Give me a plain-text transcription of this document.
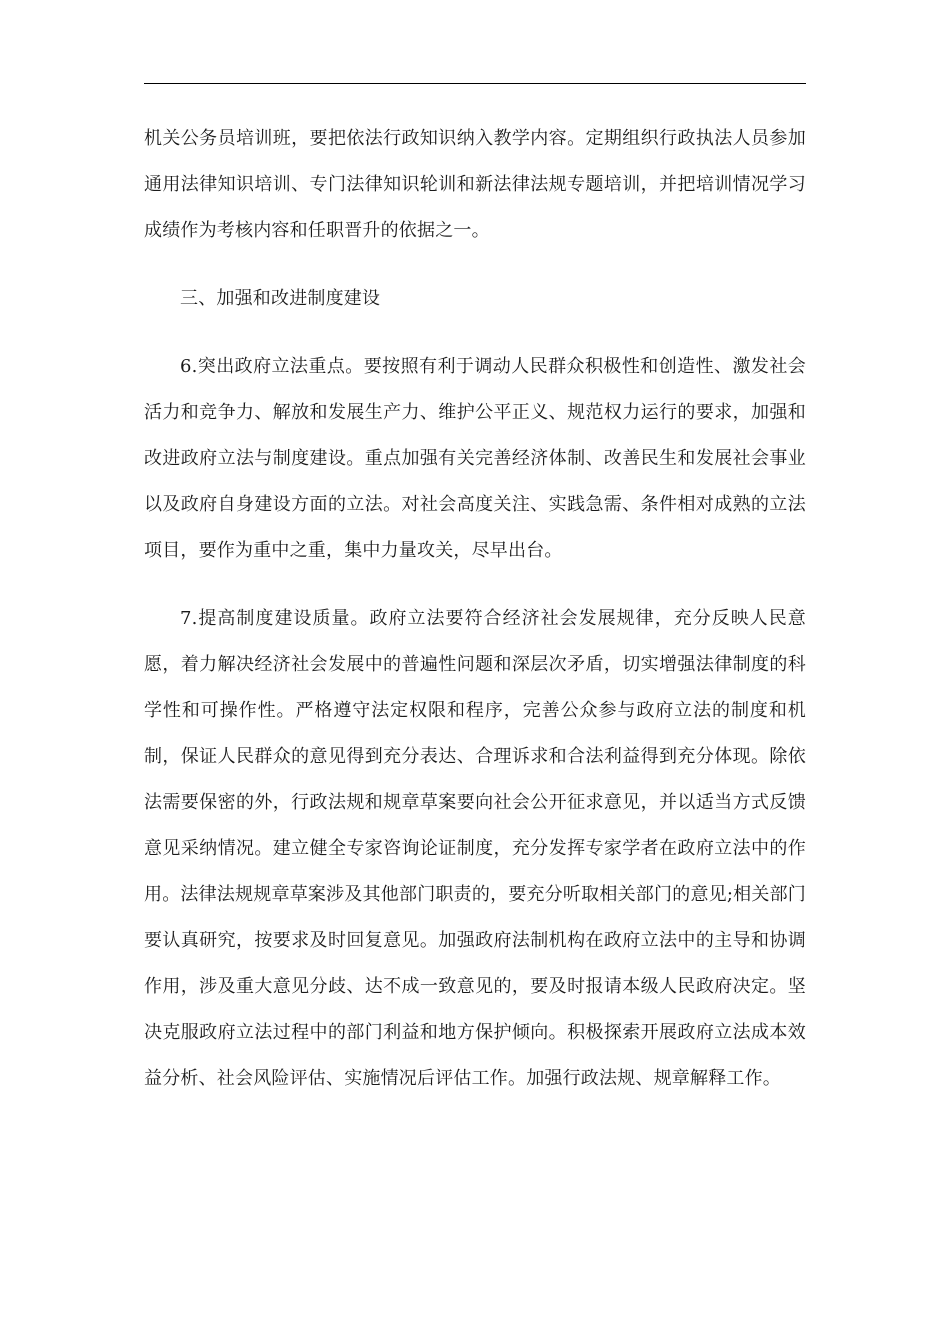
机关公务员培训班，要把依法行政知识纳入教学内容。定期组织行政执法人员参加通用法律知识培训、专门法律知识轮训和新法律法规专题培训，并把培训情况学习成绩作为考核内容和任职晋升的依据之一。

三、加强和改进制度建设

6.突出政府立法重点。要按照有利于调动人民群众积极性和创造性、激发社会活力和竞争力、解放和发展生产力、维护公平正义、规范权力运行的要求，加强和改进政府立法与制度建设。重点加强有关完善经济体制、改善民生和发展社会事业以及政府自身建设方面的立法。对社会高度关注、实践急需、条件相对成熟的立法项目，要作为重中之重，集中力量攻关，尽早出台。

7.提高制度建设质量。政府立法要符合经济社会发展规律，充分反映人民意愿，着力解决经济社会发展中的普遍性问题和深层次矛盾，切实增强法律制度的科学性和可操作性。严格遵守法定权限和程序，完善公众参与政府立法的制度和机制，保证人民群众的意见得到充分表达、合理诉求和合法利益得到充分体现。除依法需要保密的外，行政法规和规章草案要向社会公开征求意见，并以适当方式反馈意见采纳情况。建立健全专家咨询论证制度，充分发挥专家学者在政府立法中的作用。法律法规规章草案涉及其他部门职责的，要充分听取相关部门的意见;相关部门要认真研究，按要求及时回复意见。加强政府法制机构在政府立法中的主导和协调作用，涉及重大意见分歧、达不成一致意见的，要及时报请本级人民政府决定。坚决克服政府立法过程中的部门利益和地方保护倾向。积极探索开展政府立法成本效益分析、社会风险评估、实施情况后评估工作。加强行政法规、规章解释工作。
